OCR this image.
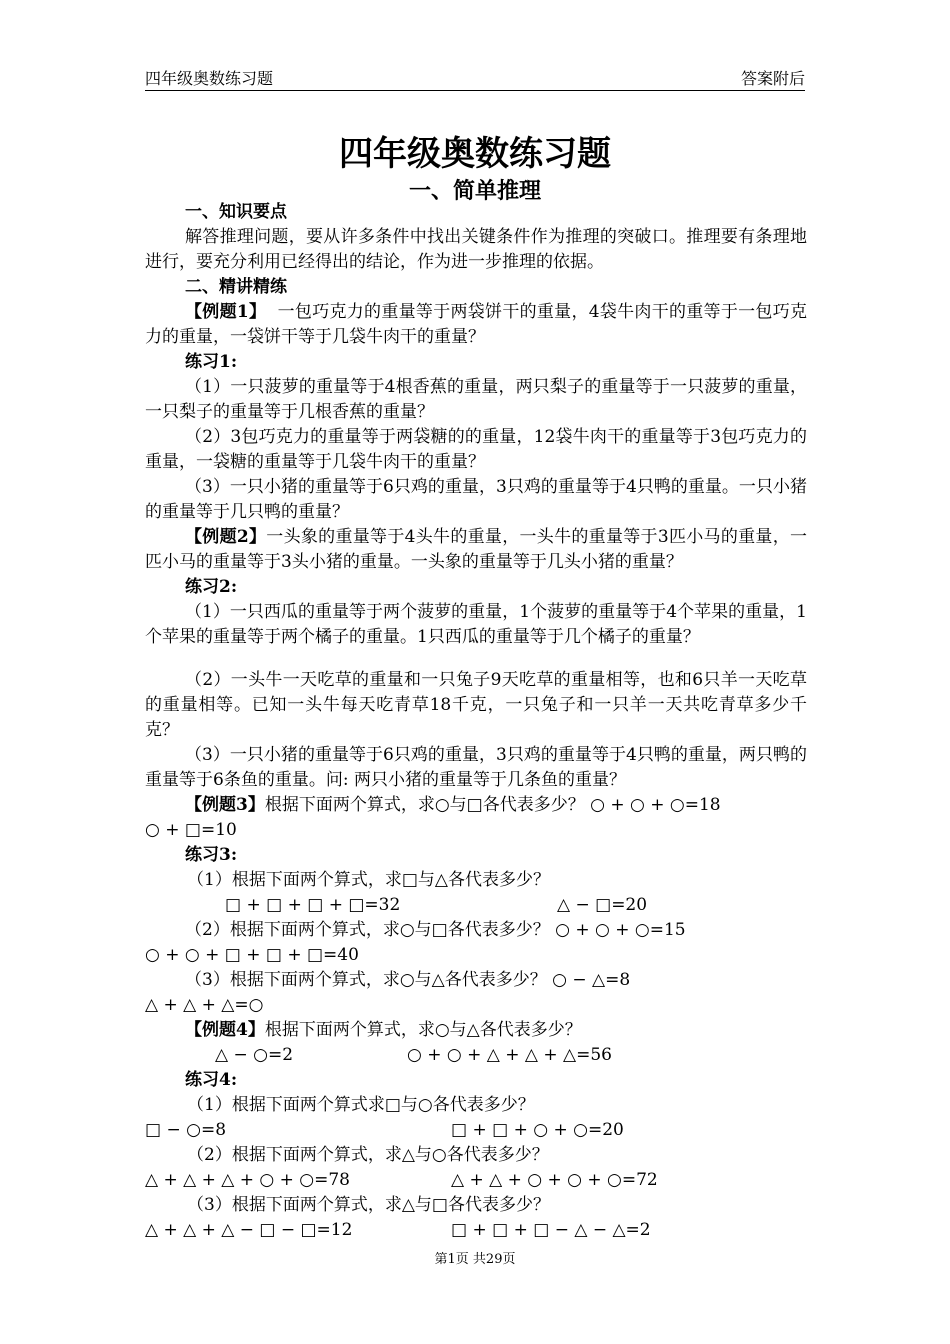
四年级奥数练习题	答案附后
四年级奥数练习题
一、简单推理

一、知识要点

解答推理问题，要从许多条件中找出关键条件作为推理的突破口。推理要有条理地进行，要充分利用已经得出的结论，作为进一步推理的依据。

二、精讲精练

【例题1】 一包巧克力的重量等于两袋饼干的重量，4袋牛肉干的重等于一包巧克力的重量，一袋饼干等于几袋牛肉干的重量？

练习1:

（1）一只菠萝的重量等于4根香蕉的重量，两只梨子的重量等于一只菠萝的重量，一只梨子的重量等于几根香蕉的重量？

（2）3包巧克力的重量等于两袋糖的的重量，12袋牛肉干的重量等于3包巧克力的重量，一袋糖的重量等于几袋牛肉干的重量？

（3）一只小猪的重量等于6只鸡的重量，3只鸡的重量等于4只鸭的重量。一只小猪的重量等于几只鸭的重量？

【例题2】一头象的重量等于4头牛的重量，一头牛的重量等于3匹小马的重量，一匹小马的重量等于3头小猪的重量。一头象的重量等于几头小猪的重量？

练习2:

（1）一只西瓜的重量等于两个菠萝的重量，1个菠萝的重量等于4个苹果的重量，1个苹果的重量等于两个橘子的重量。1只西瓜的重量等于几个橘子的重量？

（2）一头牛一天吃草的重量和一只兔子9天吃草的重量相等，也和6只羊一天吃草的重量相等。已知一头牛每天吃青草18千克，一只兔子和一只羊一天共吃青草多少千克？

（3）一只小猪的重量等于6只鸡的重量，3只鸡的重量等于4只鸭的重量，两只鸭的重量等于6条鱼的重量。问: 两只小猪的重量等于几条鱼的重量？

【例题3】根据下面两个算式，求○与□各代表多少？ ○ + ○ + ○=18

○ + □=10

练习3:

（1）根据下面两个算式，求□与△各代表多少？

□ + □ + □ + □=32	△ − □=20

（2）根据下面两个算式，求○与□各代表多少？ ○ + ○ + ○=15

○ + ○ + □ + □ + □=40

（3）根据下面两个算式，求○与△各代表多少？ ○ − △=8

△ + △ + △=○

【例题4】根据下面两个算式，求○与△各代表多少？

△ − ○=2	○ + ○ + △ + △ + △=56

练习4:

（1）根据下面两个算式求□与○各代表多少？

□ − ○=8	□ + □ + ○ + ○=20

（2）根据下面两个算式，求△与○各代表多少？

△ + △ + △ + ○ + ○=78	△ + △ + ○ + ○ + ○=72

（3）根据下面两个算式，求△与□各代表多少？

△ + △ + △ − □ − □=12	□ + □ + □ − △ − △=2

第1页 共29页
